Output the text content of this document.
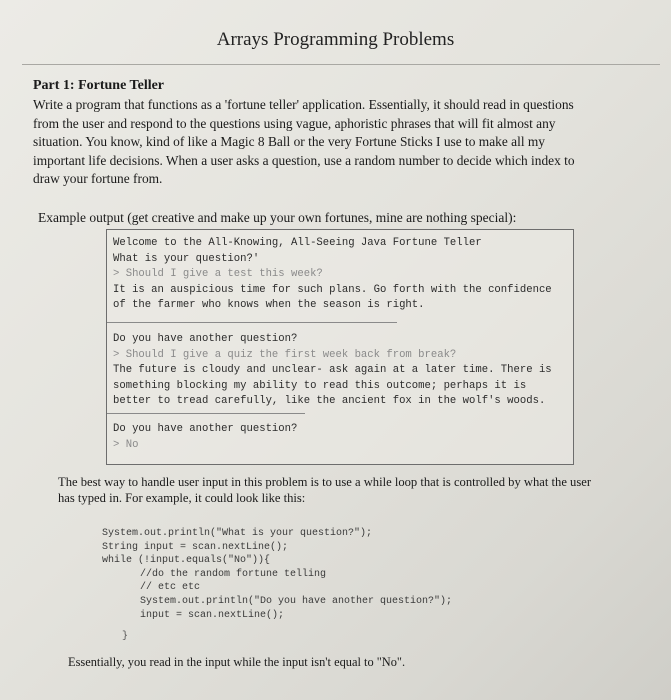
Arrays Programming Problems
Part 1: Fortune Teller
Write a program that functions as a 'fortune teller' application. Essentially, it should read in questions
from the user and respond to the questions using vague, aphoristic phrases that will fit almost any
situation. You know, kind of like a Magic 8 Ball or the very Fortune Sticks I use to make all my
important life decisions. When a user asks a question, use a random number to decide which index to
draw your fortune from.
Example output (get creative and make up your own fortunes, mine are nothing special):
Welcome to the All-Knowing, All-Seeing Java Fortune Teller
What is your question?'
> Should I give a test this week?
It is an auspicious time for such plans. Go forth with the confidence
of the farmer who knows when the season is right.
Do you have another question?
> Should I give a quiz the first week back from break?
The future is cloudy and unclear- ask again at a later time. There is
something blocking my ability to read this outcome; perhaps it is
better to tread carefully, like the ancient fox in the wolf's woods.
Do you have another question?
> No
The best way to handle user input in this problem is to use a while loop that is controlled by what the user
has typed in. For example, it could look like this:
System.out.println("What is your question?");
String input = scan.nextLine();
while (!input.equals("No")){
//do the random fortune telling
// etc etc
System.out.println("Do you have another question?");
input = scan.nextLine();
}
Essentially, you read in the input while the input isn't equal to "No".
